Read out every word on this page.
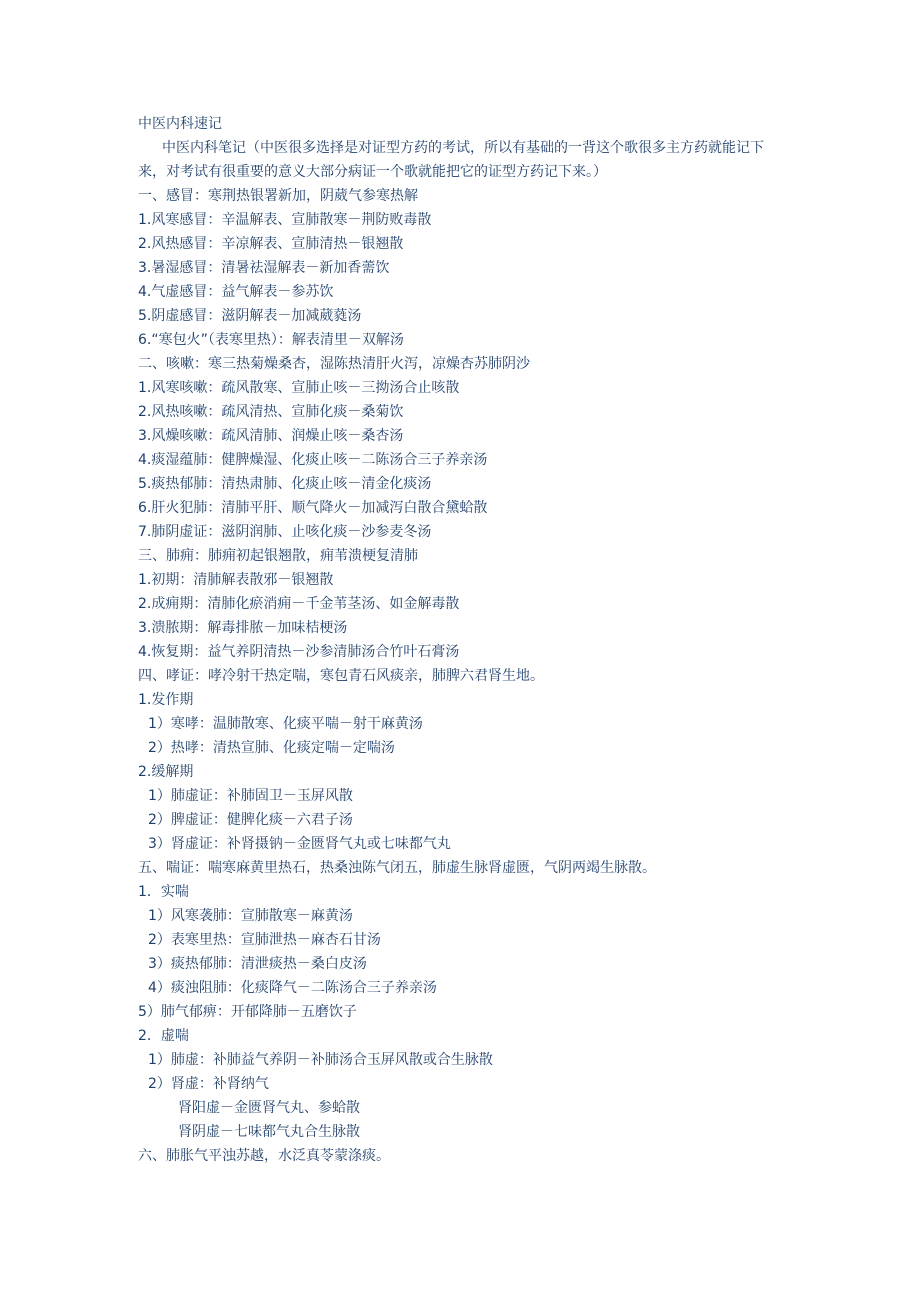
中医内科速记
中医内科笔记（中医很多选择是对证型方药的考试，所以有基础的一背这个歌很多主方药就能记下来，对考试有很重要的意义大部分病证一个歌就能把它的证型方药记下来。）
一、感冒：寒荆热银署新加，阴葳气参寒热解
1.风寒感冒：辛温解表、宣肺散寒－荆防败毒散
2.风热感冒：辛凉解表、宣肺清热－银翘散
3.暑湿感冒：清暑祛湿解表－新加香薷饮
4.气虚感冒：益气解表－参苏饮
5.阴虚感冒：滋阴解表－加减葳蕤汤
6.“寒包火”（表寒里热）：解表清里－双解汤
二、咳嗽：寒三热菊燥桑杏，湿陈热清肝火泻，凉燥杏苏肺阴沙
1.风寒咳嗽：疏风散寒、宣肺止咳－三拗汤合止咳散
2.风热咳嗽：疏风清热、宣肺化痰－桑菊饮
3.风燥咳嗽：疏风清肺、润燥止咳－桑杏汤
4.痰湿蕴肺：健脾燥湿、化痰止咳－二陈汤合三子养亲汤
5.痰热郁肺：清热肃肺、化痰止咳－清金化痰汤
6.肝火犯肺：清肺平肝、顺气降火－加减泻白散合黛蛤散
7.肺阴虚证：滋阴润肺、止咳化痰－沙参麦冬汤
三、肺痈：肺痈初起银翘散，痈苇溃梗复清肺
1.初期：清肺解表散邪－银翘散
2.成痈期：清肺化瘀消痈－千金苇茎汤、如金解毒散
3.溃脓期：解毒排脓－加味桔梗汤
4.恢复期：益气养阴清热－沙参清肺汤合竹叶石膏汤
四、哮证：哮冷射干热定喘，寒包青石风痰亲，肺脾六君肾生地。
1.发作期
1）寒哮：温肺散寒、化痰平喘－射干麻黄汤
2）热哮：清热宣肺、化痰定喘－定喘汤
2.缓解期
1）肺虚证：补肺固卫－玉屏风散
2）脾虚证：健脾化痰－六君子汤
3）肾虚证：补肾摄钠－金匮肾气丸或七味都气丸
五、喘证：喘寒麻黄里热石，热桑浊陈气闭五，肺虚生脉肾虚匮，气阴两竭生脉散。
1．实喘
1）风寒袭肺：宣肺散寒－麻黄汤
2）表寒里热：宣肺泄热－麻杏石甘汤
3）痰热郁肺：清泄痰热－桑白皮汤
4）痰浊阻肺：化痰降气－二陈汤合三子养亲汤
5）肺气郁痹：开郁降肺－五磨饮子
2．虚喘
1）肺虚：补肺益气养阴－补肺汤合玉屏风散或合生脉散
2）肾虚：补肾纳气
肾阳虚－金匮肾气丸、参蛤散
肾阴虚－七味都气丸合生脉散
六、肺胀气平浊苏越，水泛真苓蒙涤痰。
